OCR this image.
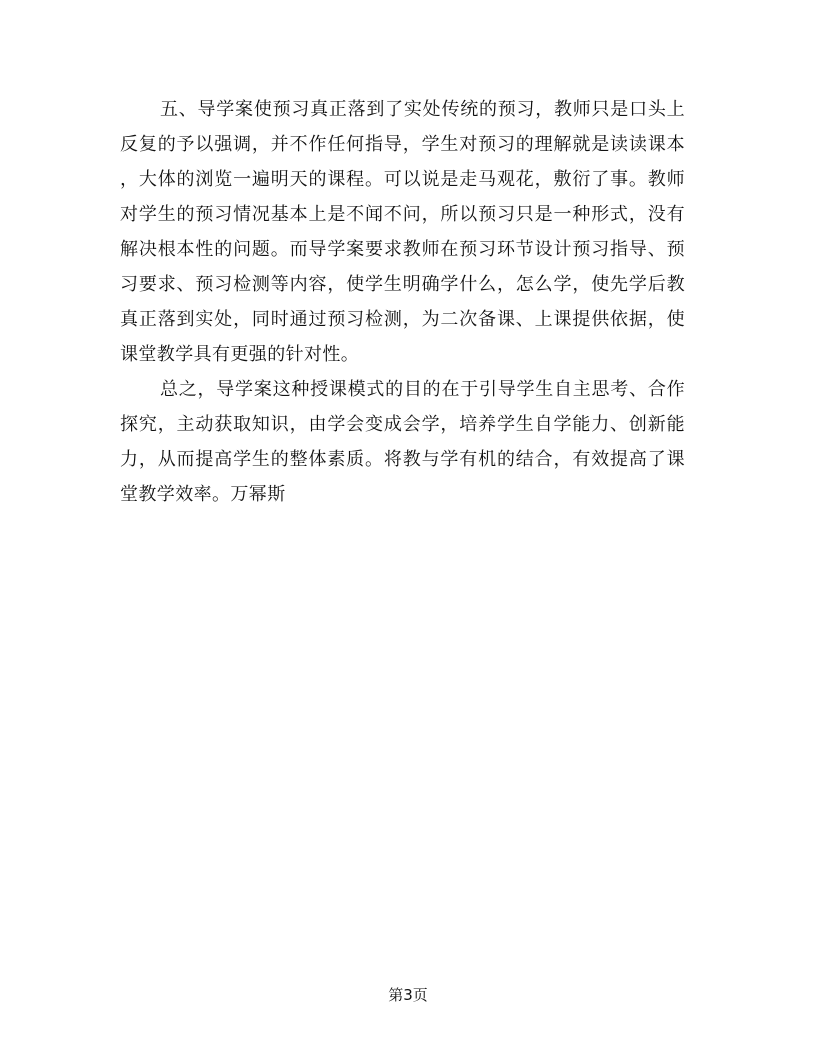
五、导学案使预习真正落到了实处传统的预习，教师只是口头上
反复的予以强调，并不作任何指导，学生对预习的理解就是读读课本
，大体的浏览一遍明天的课程。可以说是走马观花，敷衍了事。教师
对学生的预习情况基本上是不闻不问，所以预习只是一种形式，没有
解决根本性的问题。而导学案要求教师在预习环节设计预习指导、预
习要求、预习检测等内容，使学生明确学什么，怎么学，使先学后教
真正落到实处，同时通过预习检测，为二次备课、上课提供依据，使
课堂教学具有更强的针对性。
总之，导学案这种授课模式的目的在于引导学生自主思考、合作
探究，主动获取知识，由学会变成会学，培养学生自学能力、创新能
力，从而提高学生的整体素质。将教与学有机的结合，有效提高了课
堂教学效率。万幂斯
第3页
